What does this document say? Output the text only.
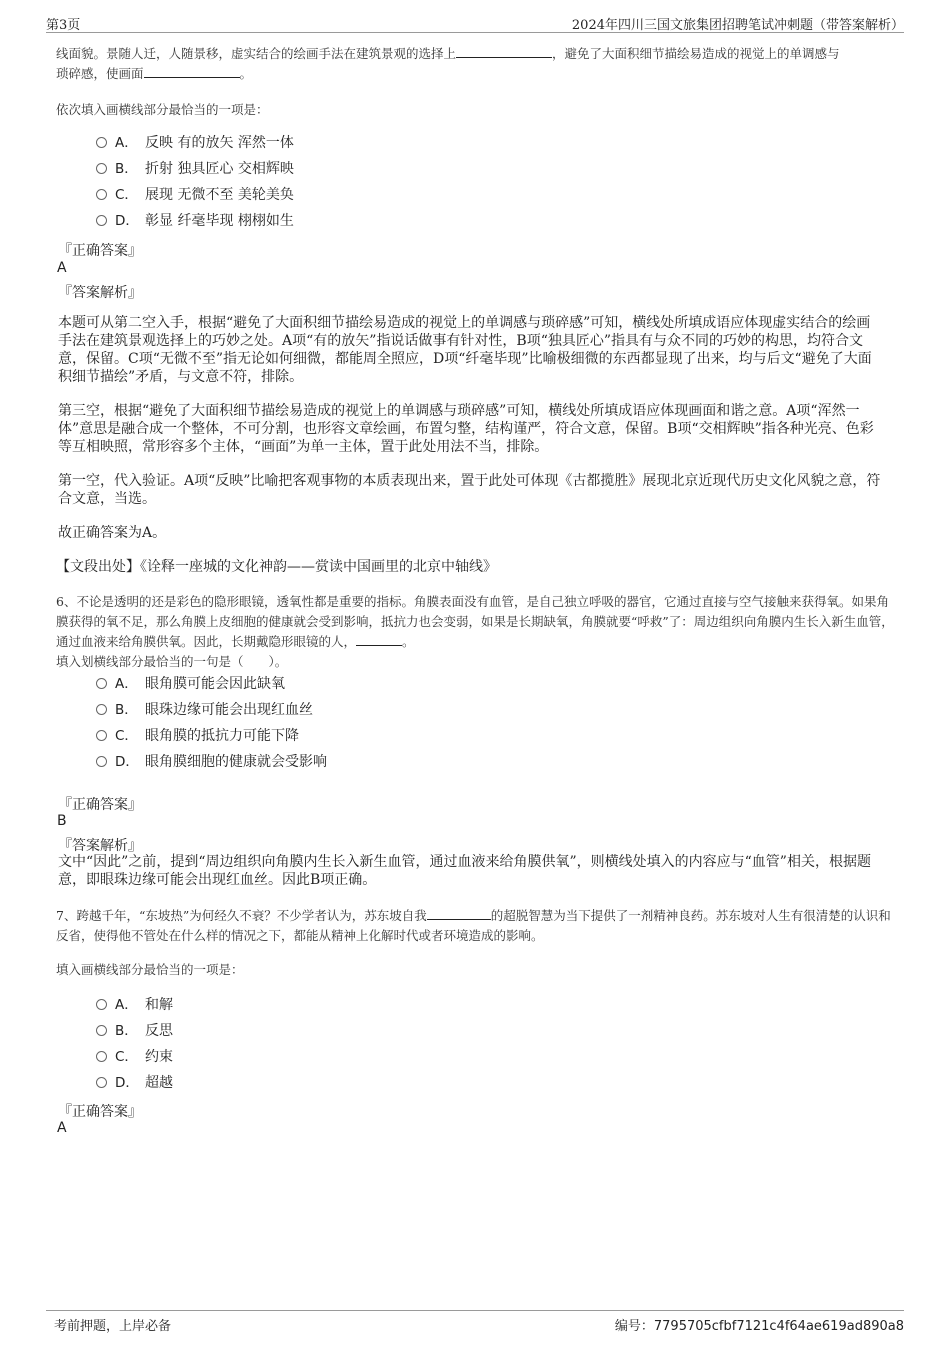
第3页	2024年四川三国文旅集团招聘笔试冲刺题（带答案解析）

线面貌。景随人迁，人随景移，虚实结合的绘画手法在建筑景观的选择上	，避免了大面积细节描绘易造成的视觉上的单调感与
琐碎感，使画面	。

依次填入画横线部分最恰当的一项是：

A． 反映 有的放矢 浑然一体
B． 折射 独具匠心 交相辉映
C． 展现 无微不至 美轮美奂
D． 彰显 纤毫毕现 栩栩如生

『正确答案』

A

『答案解析』

本题可从第二空入手，根据“避免了大面积细节描绘易造成的视觉上的单调感与琐碎感”可知，横线处所填成语应体现虚实结合的绘画手法在建筑景观选择上的巧妙之处。A项“有的放矢”指说话做事有针对性，B项“独具匠心”指具有与众不同的巧妙的构思，均符合文意，保留。C项“无微不至”指无论如何细微，都能周全照应，D项“纤毫毕现”比喻极细微的东西都显现了出来，均与后文“避免了大面积细节描绘”矛盾，与文意不符，排除。

第三空，根据“避免了大面积细节描绘易造成的视觉上的单调感与琐碎感”可知，横线处所填成语应体现画面和谐之意。A项“浑然一体”意思是融合成一个整体，不可分割，也形容文章绘画，布置匀整，结构谨严，符合文意，保留。B项“交相辉映”指各种光亮、色彩等互相映照，常形容多个主体，“画面”为单一主体，置于此处用法不当，排除。

第一空，代入验证。A项“反映”比喻把客观事物的本质表现出来，置于此处可体现《古都揽胜》展现北京近现代历史文化风貌之意，符合文意，当选。

故正确答案为A。

【文段出处】《诠释一座城的文化神韵——赏读中国画里的北京中轴线》

6、不论是透明的还是彩色的隐形眼镜，透氧性都是重要的指标。角膜表面没有血管，是自己独立呼吸的器官，它通过直接与空气接触来获得氧。如果角膜获得的氧不足，那么角膜上皮细胞的健康就会受到影响，抵抗力也会变弱，如果是长期缺氧，角膜就要“呼救”了：周边组织向角膜内生长入新生血管，通过血液来给角膜供氧。因此，长期戴隐形眼镜的人，	。

填入划横线部分最恰当的一句是（　　）。

A． 眼角膜可能会因此缺氧
B． 眼珠边缘可能会出现红血丝
C． 眼角膜的抵抗力可能下降
D． 眼角膜细胞的健康就会受影响

『正确答案』

B

『答案解析』

文中“因此”之前，提到“周边组织向角膜内生长入新生血管，通过血液来给角膜供氧”，则横线处填入的内容应与“血管”相关，根据题意，即眼珠边缘可能会出现红血丝。因此B项正确。

7、跨越千年，“东坡热”为何经久不衰？不少学者认为，苏东坡自我	的超脱智慧为当下提供了一剂精神良药。苏东坡对人生有很清楚的认识和反省，使得他不管处在什么样的情况之下，都能从精神上化解时代或者环境造成的影响。

填入画横线部分最恰当的一项是：

A． 和解
B． 反思
C． 约束
D． 超越

『正确答案』

A

考前押题，上岸必备	编号：7795705cfbf7121c4f64ae619ad890a8
